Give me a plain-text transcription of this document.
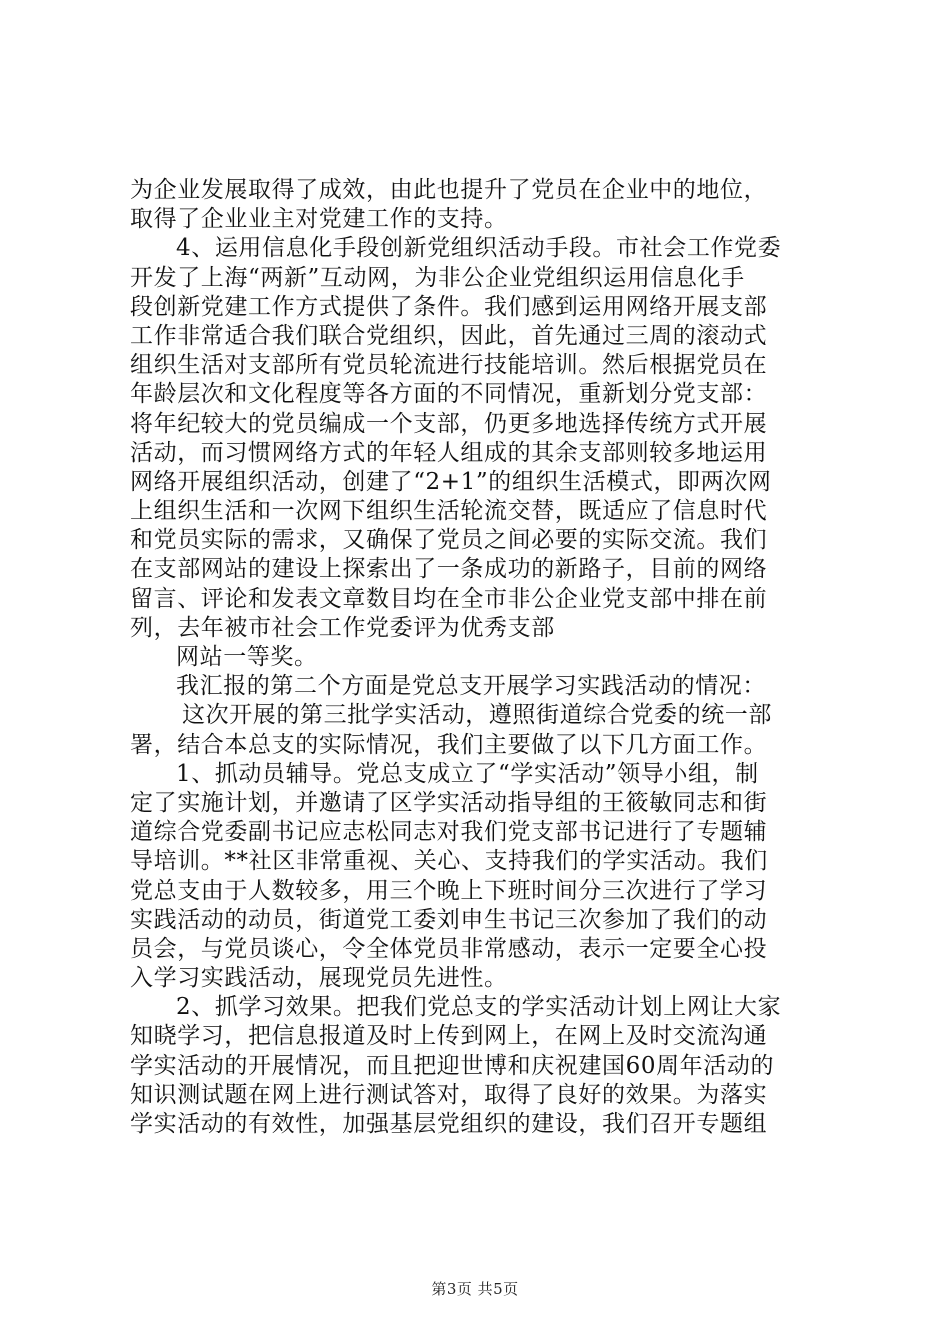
为企业发展取得了成效，由此也提升了党员在企业中的地位，
取得了企业业主对党建工作的支持。
4、运用信息化手段创新党组织活动手段。市社会工作党委
开发了上海“两新”互动网，为非公企业党组织运用信息化手
段创新党建工作方式提供了条件。我们感到运用网络开展支部
工作非常适合我们联合党组织，因此，首先通过三周的滚动式
组织生活对支部所有党员轮流进行技能培训。然后根据党员在
年龄层次和文化程度等各方面的不同情况，重新划分党支部：
将年纪较大的党员编成一个支部，仍更多地选择传统方式开展
活动，而习惯网络方式的年轻人组成的其余支部则较多地运用
网络开展组织活动，创建了“2+1”的组织生活模式，即两次网
上组织生活和一次网下组织生活轮流交替，既适应了信息时代
和党员实际的需求，又确保了党员之间必要的实际交流。我们
在支部网站的建设上探索出了一条成功的新路子，目前的网络
留言、评论和发表文章数目均在全市非公企业党支部中排在前
列，去年被市社会工作党委评为优秀支部
网站一等奖。
我汇报的第二个方面是党总支开展学习实践活动的情况：
这次开展的第三批学实活动，遵照街道综合党委的统一部
署，结合本总支的实际情况，我们主要做了以下几方面工作。
1、抓动员辅导。党总支成立了“学实活动”领导小组，制
定了实施计划，并邀请了区学实活动指导组的王筱敏同志和街
道综合党委副书记应志松同志对我们党支部书记进行了专题辅
导培训。**社区非常重视、关心、支持我们的学实活动。我们
党总支由于人数较多，用三个晚上下班时间分三次进行了学习
实践活动的动员，街道党工委刘申生书记三次参加了我们的动
员会，与党员谈心，令全体党员非常感动，表示一定要全心投
入学习实践活动，展现党员先进性。
2、抓学习效果。把我们党总支的学实活动计划上网让大家
知晓学习，把信息报道及时上传到网上，在网上及时交流沟通
学实活动的开展情况，而且把迎世博和庆祝建国60周年活动的
知识测试题在网上进行测试答对，取得了良好的效果。为落实
学实活动的有效性，加强基层党组织的建设，我们召开专题组
第3页 共5页
